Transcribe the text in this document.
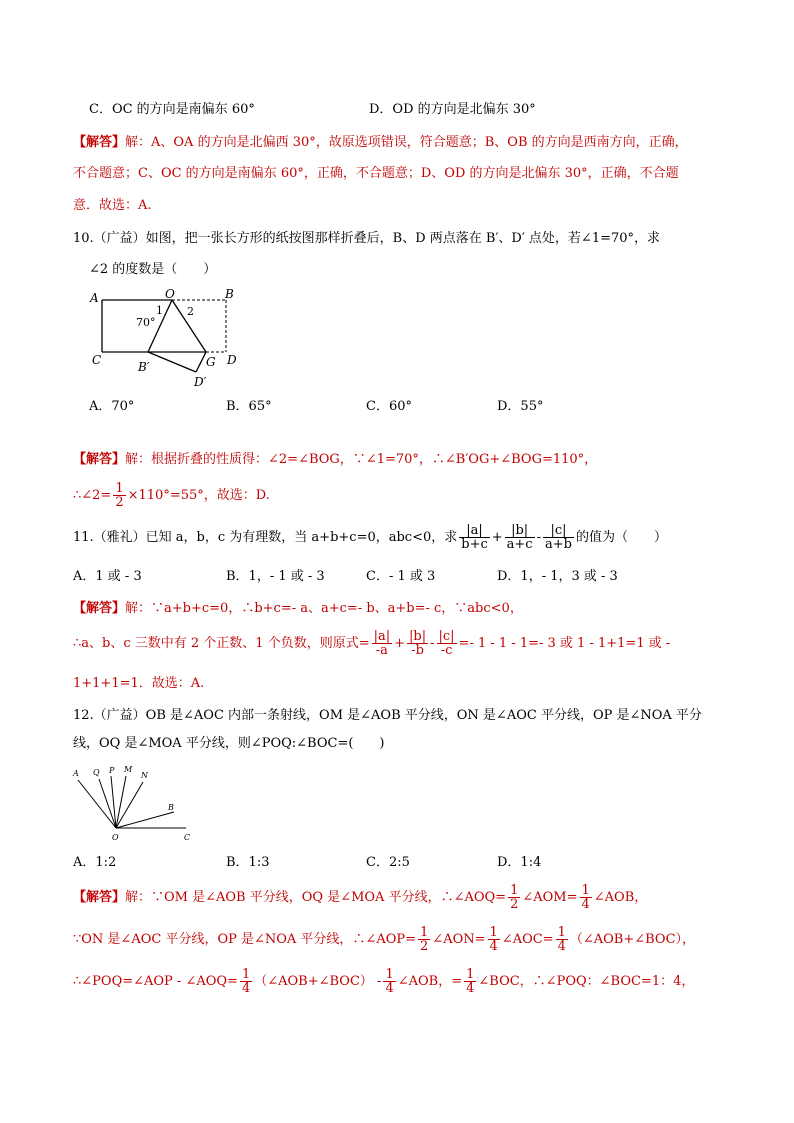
C．OC 的方向是南偏东 60°	D．OD 的方向是北偏东 30°
【解答】解：A、OA 的方向是北偏西 30°，故原选项错误，符合题意；B、OB 的方向是西南方向，正确，
不合题意；C、OC 的方向是南偏东 60°，正确，不合题意；D、OD 的方向是北偏东 30°，正确，不合题
意．故选：A.
10.（广益）如图，把一张长方形的纸按图那样折叠后，B、D 两点落在 B′、D′ 点处，若∠1=70°，求
∠2 的度数是（　　）
A	O	B
C	D
B′	G
D′
70°
1 2
A．70°	B．65°	C．60°	D．55°
【解答】解：根据折叠的性质得：∠2=∠BOG，∵∠1=70°，∴∠B′OG+∠BOG=110°，
∴∠2= $\frac{1}{2} \times 110^\circ=55^\circ$，故选：D.
11.（雅礼）已知 a，b，c 为有理数，当 a+b+c=0，abc<0，求 $\frac{|a|}{b+c} + \frac{|b|}{a+c} - \frac{|c|}{a+b}$ 的值为（　　）
A．1 或 - 3	B．1，- 1 或 - 3	C．- 1 或 3	D．1，- 1，3 或 - 3
【解答】解：∵a+b+c=0，∴b+c=- a、a+c=- b、a+b=- c，∵abc<0，
∴a、b、c 三数中有 2 个正数、1 个负数，则原式= $\frac{|a|}{-a} + \frac{|b|}{-b} - \frac{|c|}{-c} =- 1 - 1 - 1=-$ 3 或 1 - 1+1=1 或 -
1+1+1=1．故选：A.
12.（广益）OB 是∠AOC 内部一条射线，OM 是∠AOB 平分线，ON 是∠AOC 平分线，OP 是∠NOA 平分
线，OQ 是∠MOA 平分线，则∠POQ:∠BOC=(　　)
A Q P M
N
B
O	C
A．1:2	B．1:3	C．2:5	D．1:4
【解答】解：∵OM 是∠AOB 平分线，OQ 是∠MOA 平分线，∴∠AOQ= $\frac{1}{2}$ ∠AOM= $\frac{1}{4}$ ∠AOB，
∵ON 是∠AOC 平分线，OP 是∠NOA 平分线，∴∠AOP= $\frac{1}{2}$ ∠AON= $\frac{1}{4}$ ∠AOC= $\frac{1}{4}$ （∠AOB+∠BOC），
∴∠POQ=∠AOP - ∠AOQ= $\frac{1}{4}$ （∠AOB+∠BOC） - $\frac{1}{4}$ ∠AOB，= $\frac{1}{4}$ ∠BOC，∴∠POQ：∠BOC=1：4，
